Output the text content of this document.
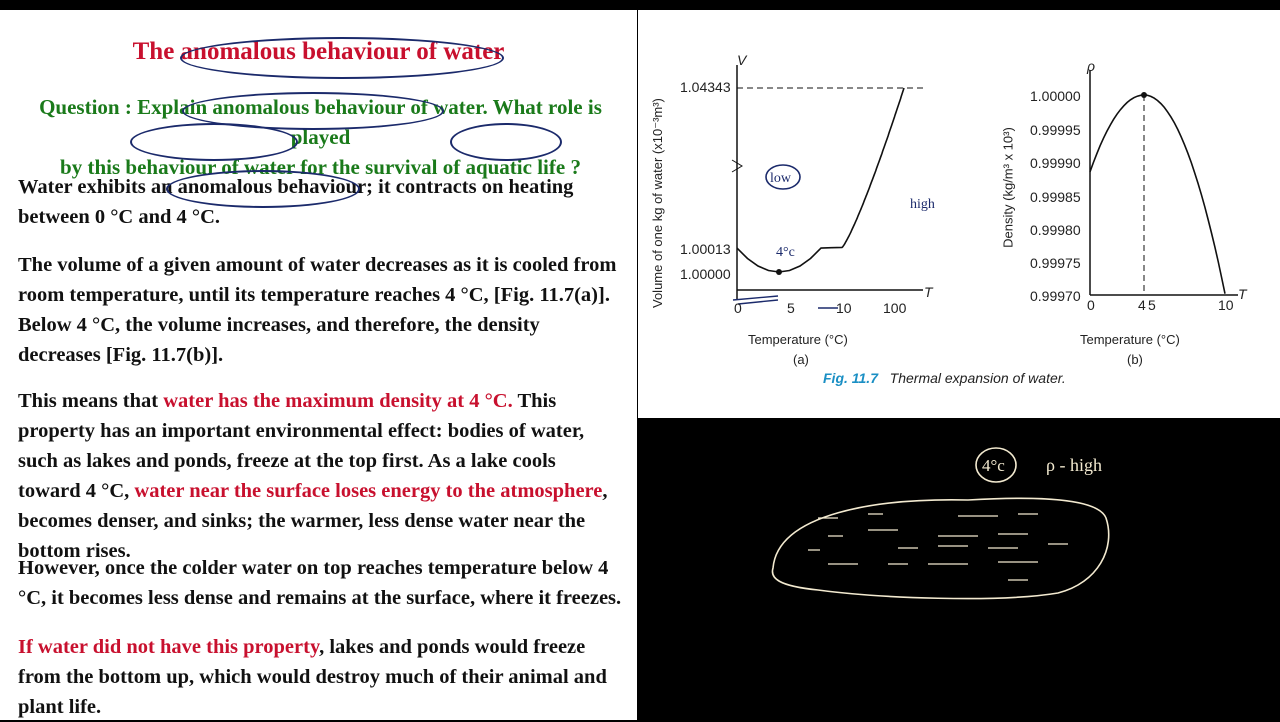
The anomalous behaviour of water
Question : Explain anomalous behaviour of water. What role is played
by this behaviour of water for the survival of aquatic life ?
Water exhibits an anomalous behaviour; it contracts on heating between 0 °C and 4 °C.
The volume of a given amount of water decreases as it is cooled from room temperature, until its temperature reaches 4 °C, [Fig. 11.7(a)]. Below 4 °C, the volume increases, and therefore, the density decreases [Fig. 11.7(b)].
This means that water has the maximum density at 4 °C. This property has an important environmental effect: bodies of water, such as lakes and ponds, freeze at the top first. As a lake cools toward 4 °C, water near the surface loses energy to the atmosphere, becomes denser, and sinks; the warmer, less dense water near the bottom rises.
However, once the colder water on top reaches temperature below 4 °C, it becomes less dense and remains at the surface, where it freezes.
If water did not have this property, lakes and ponds would freeze from the bottom up, which would destroy much of their animal and plant life.
low
4°c
high
Volume of one kg of water (x10⁻³m³)
V
T
1.04343
1.00013
1.00000
0	5	10 100
Temperature (°C)
(a)
Density (kg/m³ x 10³)
ρ
T
1.00000
0.99995
0.99990
0.99985
0.99980
0.99975
0.99970
0	4 5	10
Temperature (°C)
(b)
Fig. 11.7 Thermal expansion of water.
4°c ρ - high
